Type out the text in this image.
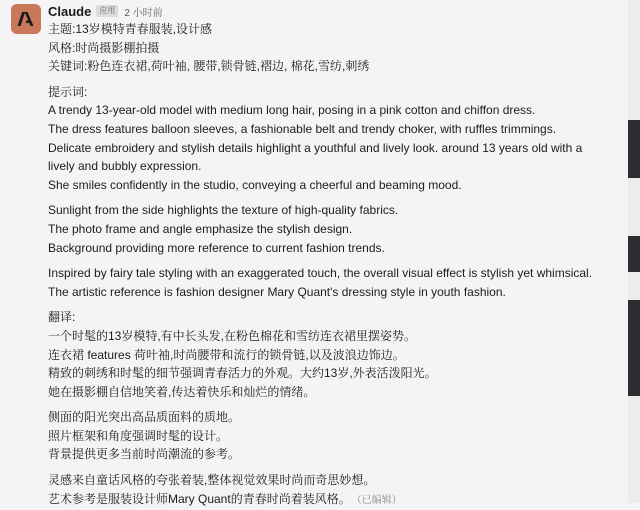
Claude	应用 2 小时前
主题:13岁模特青春服装,设计感
风格:时尚摄影棚拍摄
关键词:粉色连衣裙,荷叶袖, 腰带,锁骨链,褶边, 棉花,雪纺,刺绣
提示词:
A trendy 13-year-old model with medium long hair, posing in a pink cotton and chiffon dress.
The dress features balloon sleeves, a fashionable belt and trendy choker, with ruffles trimmings.
Delicate embroidery and stylish details highlight a youthful and lively look. around 13 years old with a
lively and bubbly expression.
She smiles confidently in the studio, conveying a cheerful and beaming mood.
Sunlight from the side highlights the texture of high-quality fabrics.
The photo frame and angle emphasize the stylish design.
Background providing more reference to current fashion trends.
Inspired by fairy tale styling with an exaggerated touch, the overall visual effect is stylish yet whimsical.
The artistic reference is fashion designer Mary Quant's dressing style in youth fashion.
翻译:
一个时髦的13岁模特,有中长头发,在粉色棉花和雪纺连衣裙里摆姿势。
连衣裙 features 荷叶袖,时尚腰带和流行的锁骨链,以及波浪边饰边。
精致的刺绣和时髦的细节强调青春活力的外观。大约13岁,外表活泼阳光。
她在摄影棚自信地笑着,传达着快乐和灿烂的情绪。
侧面的阳光突出高品质面料的质地。
照片框架和角度强调时髦的设计。
背景提供更多当前时尚潮流的参考。
灵感来自童话风格的夸张着装,整体视觉效果时尚而奇思妙想。
艺术参考是服装设计师Mary Quant的青春时尚着装风格。 （已编辑）
